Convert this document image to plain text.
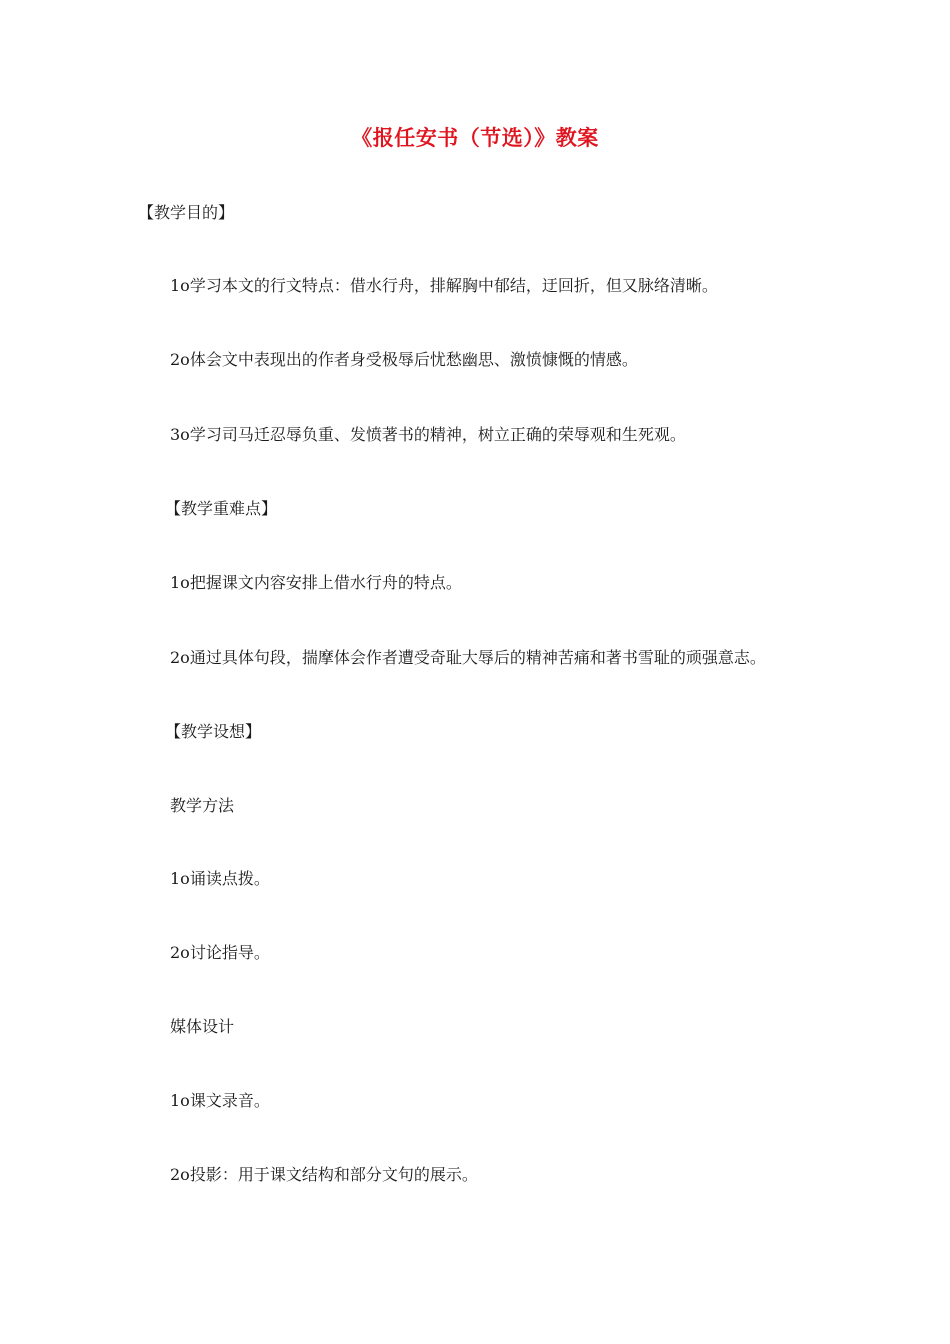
《报任安书（节选）》教案
【教学目的】
1o学习本文的行文特点：借水行舟，排解胸中郁结，迂回折，但又脉络清晰。
2o体会文中表现出的作者身受极辱后忧愁幽思、激愤慷慨的情感。
3o学习司马迁忍辱负重、发愤著书的精神，树立正确的荣辱观和生死观。
【教学重难点】
1o把握课文内容安排上借水行舟的特点。
2o通过具体句段，揣摩体会作者遭受奇耻大辱后的精神苦痛和著书雪耻的顽强意志。
【教学设想】
教学方法
1o诵读点拨。
2o讨论指导。
媒体设计
1o课文录音。
2o投影：用于课文结构和部分文句的展示。
